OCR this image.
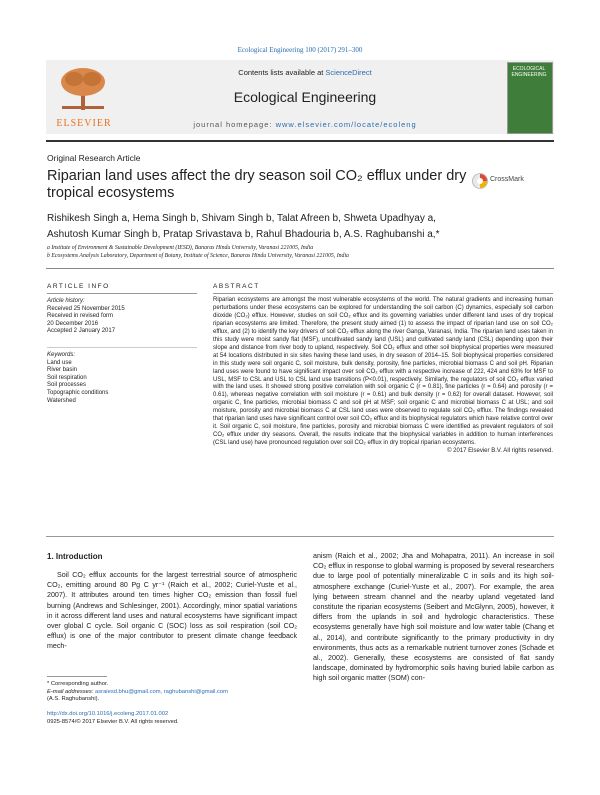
Ecological Engineering 100 (2017) 291–300
ELSEVIER
Contents lists available at ScienceDirect
Ecological Engineering
journal homepage: www.elsevier.com/locate/ecoleng
ECOLOGICAL ENGINEERING
Original Research Article
Riparian land uses affect the dry season soil CO₂ efflux under dry tropical ecosystems
CrossMark
Rishikesh Singh a, Hema Singh b, Shivam Singh b, Talat Afreen b, Shweta Upadhyay a,
Ashutosh Kumar Singh b, Pratap Srivastava b, Rahul Bhadouria b, A.S. Raghubanshi a,*
a Institute of Environment & Sustainable Development (IESD), Banaras Hindu University, Varanasi 221005, India
b Ecosystems Analysis Laboratory, Department of Botany, Institute of Science, Banaras Hindu University, Varanasi 221005, India
ARTICLE INFO
Article history:
Received 25 November 2015
Received in revised form
20 December 2016
Accepted 2 January 2017
Keywords:
Land use
River basin
Soil respiration
Soil processes
Topographic conditions
Watershed
ABSTRACT
Riparian ecosystems are amongst the most vulnerable ecosystems of the world. The natural gradients and increasing human perturbations under these ecosystems can be explored for understanding the soil carbon (C) dynamics, especially soil carbon dioxide (CO₂) efflux. However, studies on soil CO₂ efflux and its governing variables under different land uses of dry tropical riparian ecosystems are limited. Therefore, the present study aimed (1) to assess the impact of riparian land use on soil CO₂ efflux, and (2) to identify the key drivers of soil CO₂ efflux along the river Ganga, Varanasi, India. The riparian land uses taken in this study were moist sandy flat (MSF), uncultivated sandy land (USL) and cultivated sandy land (CSL) depending upon their slope and distance from river body to upland, respectively. Soil CO₂ efflux and other soil biophysical properties were measured at 54 locations distributed in six sites having these land uses, in dry season of 2014–15. Soil biophysical properties considered in this study were soil organic C, soil moisture, bulk density, porosity, fine particles, microbial biomass C and soil pH. Riparian land uses were found to have significant impact over soil CO₂ efflux with a respective increase of 222, 424 and 63% for MSF to USL, MSF to CSL and USL to CSL land use transitions (P<0.01), respectively. Similarly, the regulators of soil CO₂ efflux varied with the land uses. It showed strong positive correlation with soil organic C (r = 0.81), fine particles (r = 0.64) and porosity (r = 0.61), whereas negative correlation with soil moisture (r = 0.61) and bulk density (r = 0.62) for overall dataset. However, soil organic C, fine particles, microbial biomass C and soil pH at MSF; soil organic C and microbial biomass C at USL; and soil moisture, porosity and microbial biomass C at CSL land uses were observed to regulate soil CO₂ efflux. The findings revealed that riparian land uses have significant control over soil CO₂ efflux and its biophysical regulators which have relative control over it. Soil organic C, soil moisture, fine particles, porosity and microbial biomass C were identified as prevalent regulators of soil CO₂ efflux under dry seasons. Overall, the results indicate that the biophysical variables in addition to human interferences (CSL land use) have pronounced regulation over soil CO₂ efflux in dry tropical riparian ecosystems.
© 2017 Elsevier B.V. All rights reserved.
1. Introduction
Soil CO₂ efflux accounts for the largest terrestrial source of atmospheric CO₂, emitting around 80 Pg C yr⁻¹ (Raich et al., 2002; Curiel-Yuste et al., 2007). It attributes around ten times higher CO₂ emission than fossil fuel burning (Andrews and Schlesinger, 2001). Accordingly, minor spatial variations in it across different land uses and natural ecosystems have significant impact over global C cycle. Soil organic C (SOC) loss as soil respiration (soil CO₂ efflux) is one of the major contributor to present climate change feedback mech-
anism (Raich et al., 2002; Jha and Mohapatra, 2011). An increase in soil CO₂ efflux in response to global warming is proposed by several researchers due to large pool of potentially mineralizable C in soils and its high soil-atmosphere exchange (Curiel-Yuste et al., 2007). For example, the area lying between stream channel and the nearby upland vegetated land constitute the riparian ecosystems (Seibert and McGlynn, 2005), however, it differs from the uplands in soil and hydrologic characteristics. These ecosystems generally have high soil moisture and low water table (Chang et al., 2014), and contribute significantly to the primary productivity in dry environments, thus acts as a remarkable nutrient turnover zones (Schade et al., 2002). Generally, these ecosystems are consisted of flat sandy landscape, dominated by hydromorphic soils having buried labile carbon as high soil organic matter (SOM) con-
* Corresponding author.
E-mail addresses: asraiesd.bhu@gmail.com, raghubanshi@gmail.com
(A.S. Raghubanshi).
http://dx.doi.org/10.1016/j.ecoleng.2017.01.002
0925-8574/© 2017 Elsevier B.V. All rights reserved.
